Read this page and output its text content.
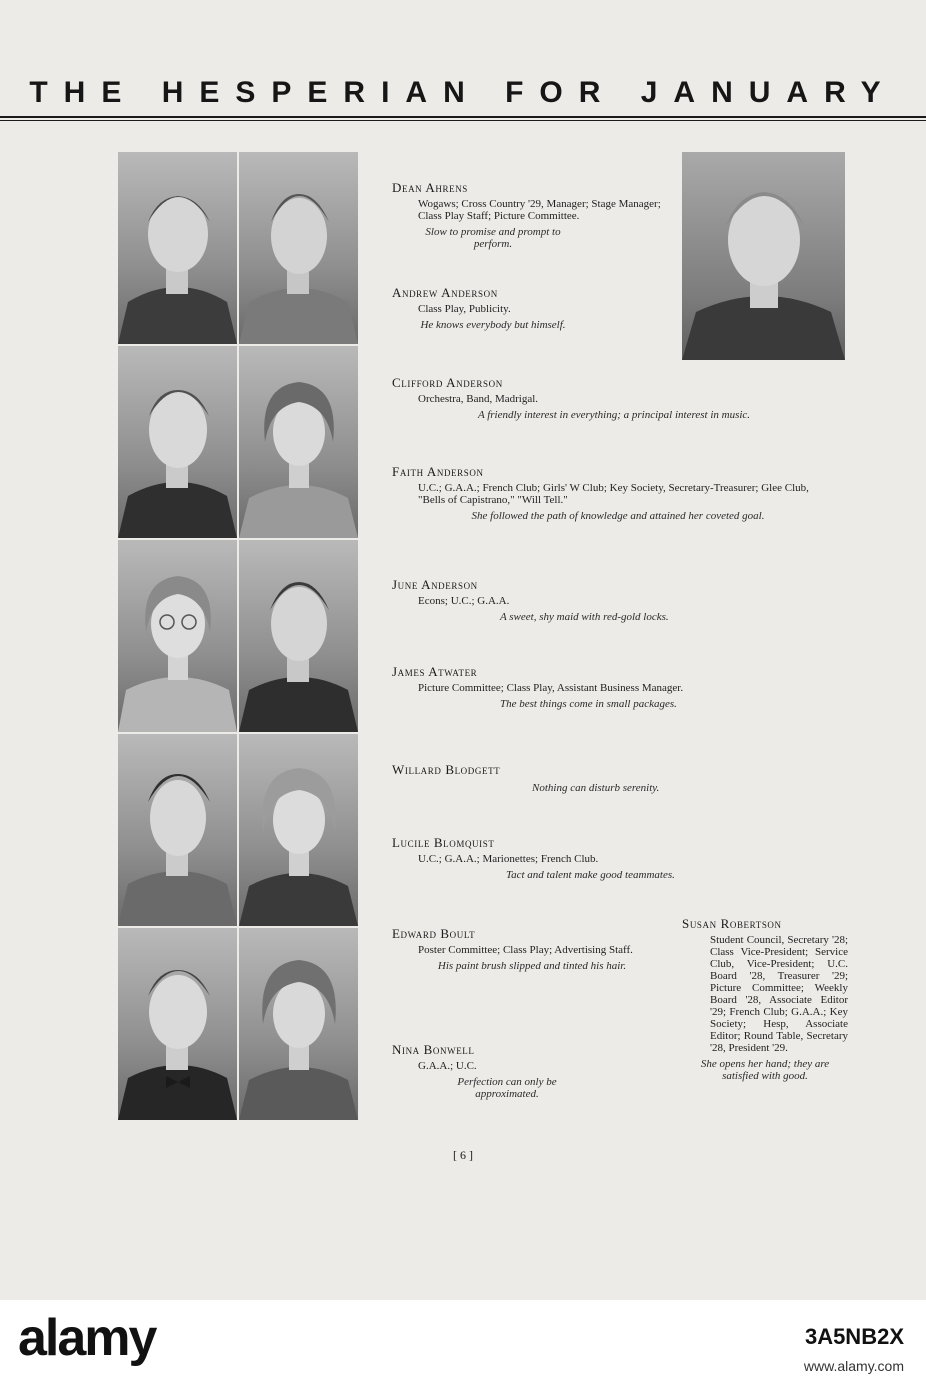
THE HESPERIAN FOR JANUARY
Dean Ahrens
Wogaws; Cross Country '29, Manager; Stage Manager; Class Play Staff; Picture Committee.
Slow to promise and prompt to perform.
Andrew Anderson
Class Play, Publicity.
He knows everybody but himself.
Clifford Anderson
Orchestra, Band, Madrigal.
A friendly interest in everything; a principal interest in music.
Faith Anderson
U.C.; G.A.A.; French Club; Girls' W Club; Key Society, Secretary-Treasurer; Glee Club, "Bells of Capistrano," "Will Tell."
She followed the path of knowledge and attained her coveted goal.
June Anderson
Econs; U.C.; G.A.A.
A sweet, shy maid with red-gold locks.
James Atwater
Picture Committee; Class Play, Assistant Business Manager.
The best things come in small packages.
Willard Blodgett
Nothing can disturb serenity.
Lucile Blomquist
U.C.; G.A.A.; Marionettes; French Club.
Tact and talent make good teammates.
Edward Boult
Poster Committee; Class Play; Advertising Staff.
His paint brush slipped and tinted his hair.
Nina Bonwell
G.A.A.; U.C.
Perfection can only be approximated.
Susan Robertson
Student Council, Secretary '28; Class Vice-President; Service Club, Vice-President; U.C. Board '28, Treasurer '29; Picture Committee; Weekly Board '28, Associate Editor '29; French Club; G.A.A.; Key Society; Hesp, Associate Editor; Round Table, Secretary '28, President '29.
She opens her hand; they are satisfied with good.
[ 6 ]
alamy	3A5NB2X
www.alamy.com
